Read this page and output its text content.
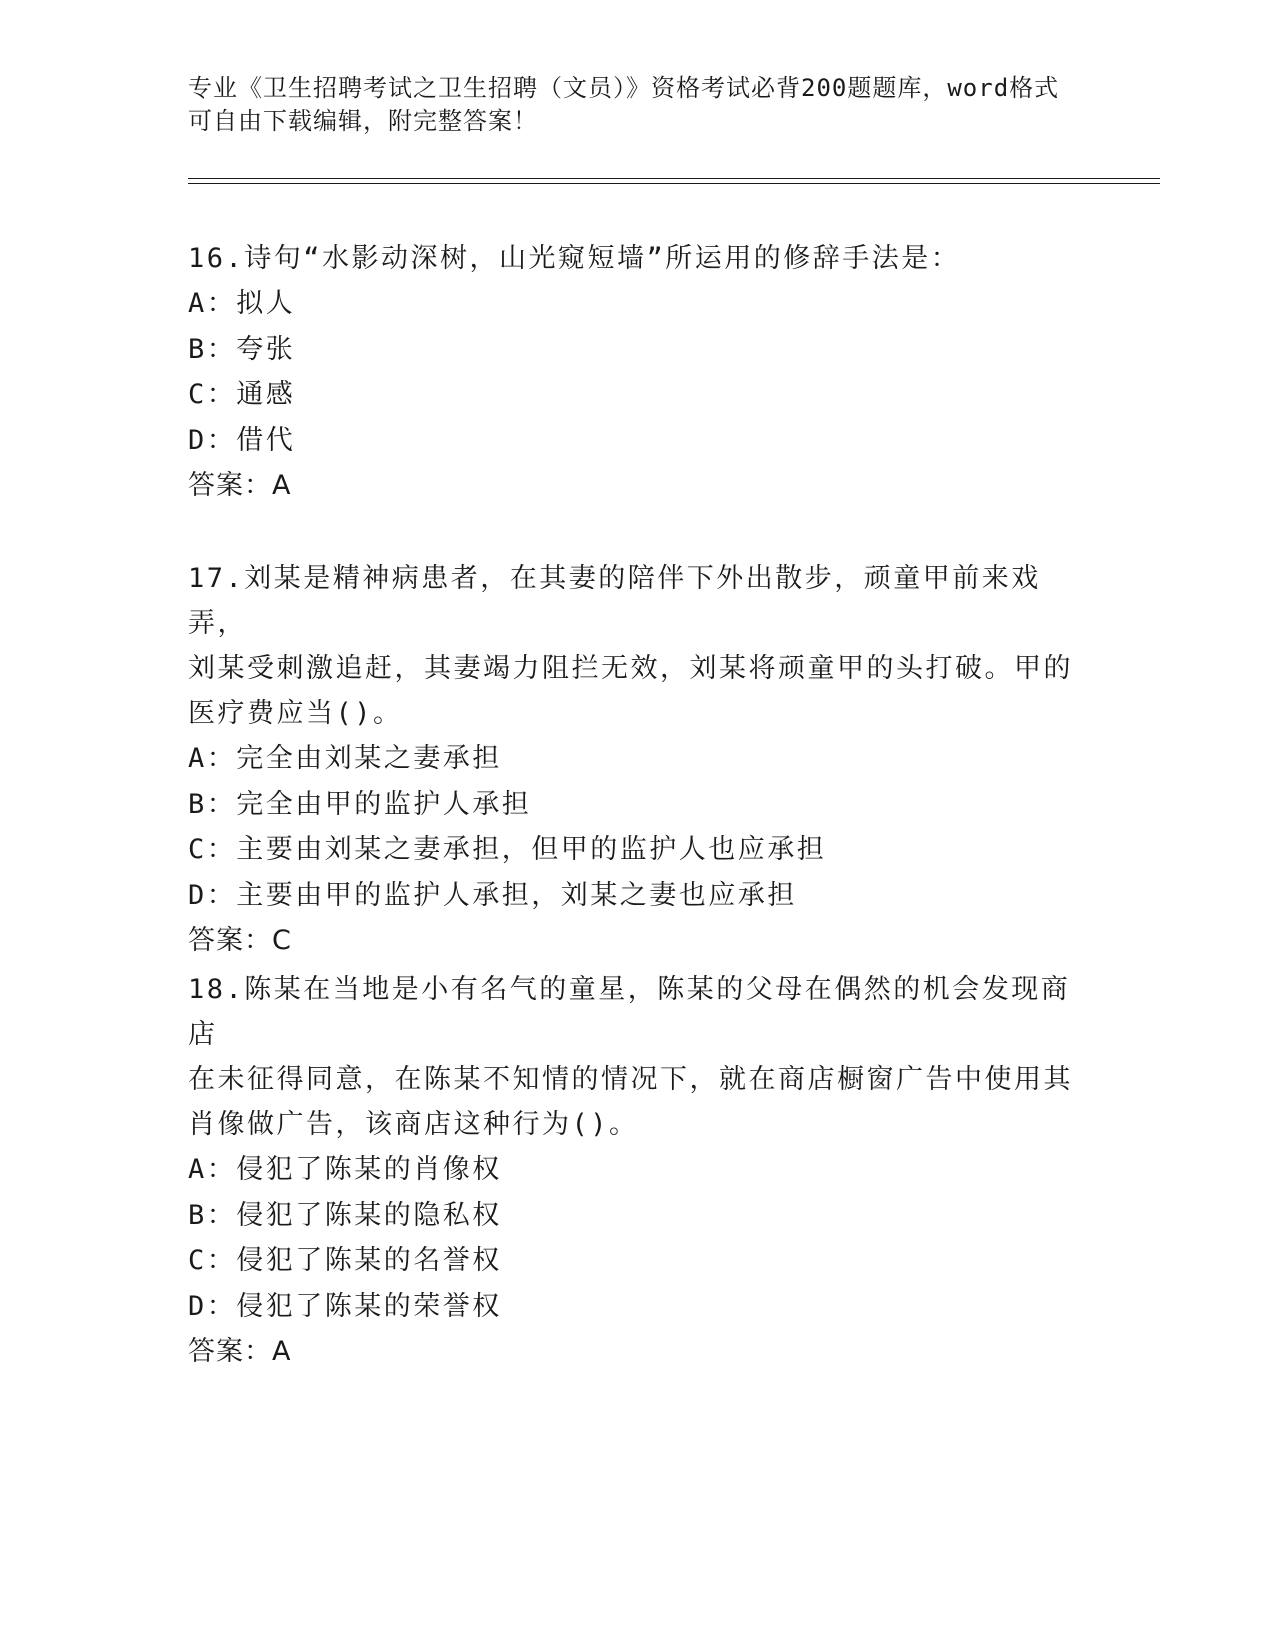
专业《卫生招聘考试之卫生招聘（文员）》资格考试必背200题题库，word格式

可自由下载编辑，附完整答案！

16.诗句“水影动深树，山光窥短墙”所运用的修辞手法是：

A：拟人

B：夸张

C：通感

D：借代

答案：A

17.刘某是精神病患者，在其妻的陪伴下外出散步，顽童甲前来戏弄，

刘某受刺激追赶，其妻竭力阻拦无效，刘某将顽童甲的头打破。甲的

医疗费应当()。

A：完全由刘某之妻承担

B：完全由甲的监护人承担

C：主要由刘某之妻承担，但甲的监护人也应承担

D：主要由甲的监护人承担，刘某之妻也应承担

答案：C

18.陈某在当地是小有名气的童星，陈某的父母在偶然的机会发现商店

在未征得同意，在陈某不知情的情况下，就在商店橱窗广告中使用其

肖像做广告，该商店这种行为()。

A：侵犯了陈某的肖像权

B：侵犯了陈某的隐私权

C：侵犯了陈某的名誉权

D：侵犯了陈某的荣誉权

答案：A
